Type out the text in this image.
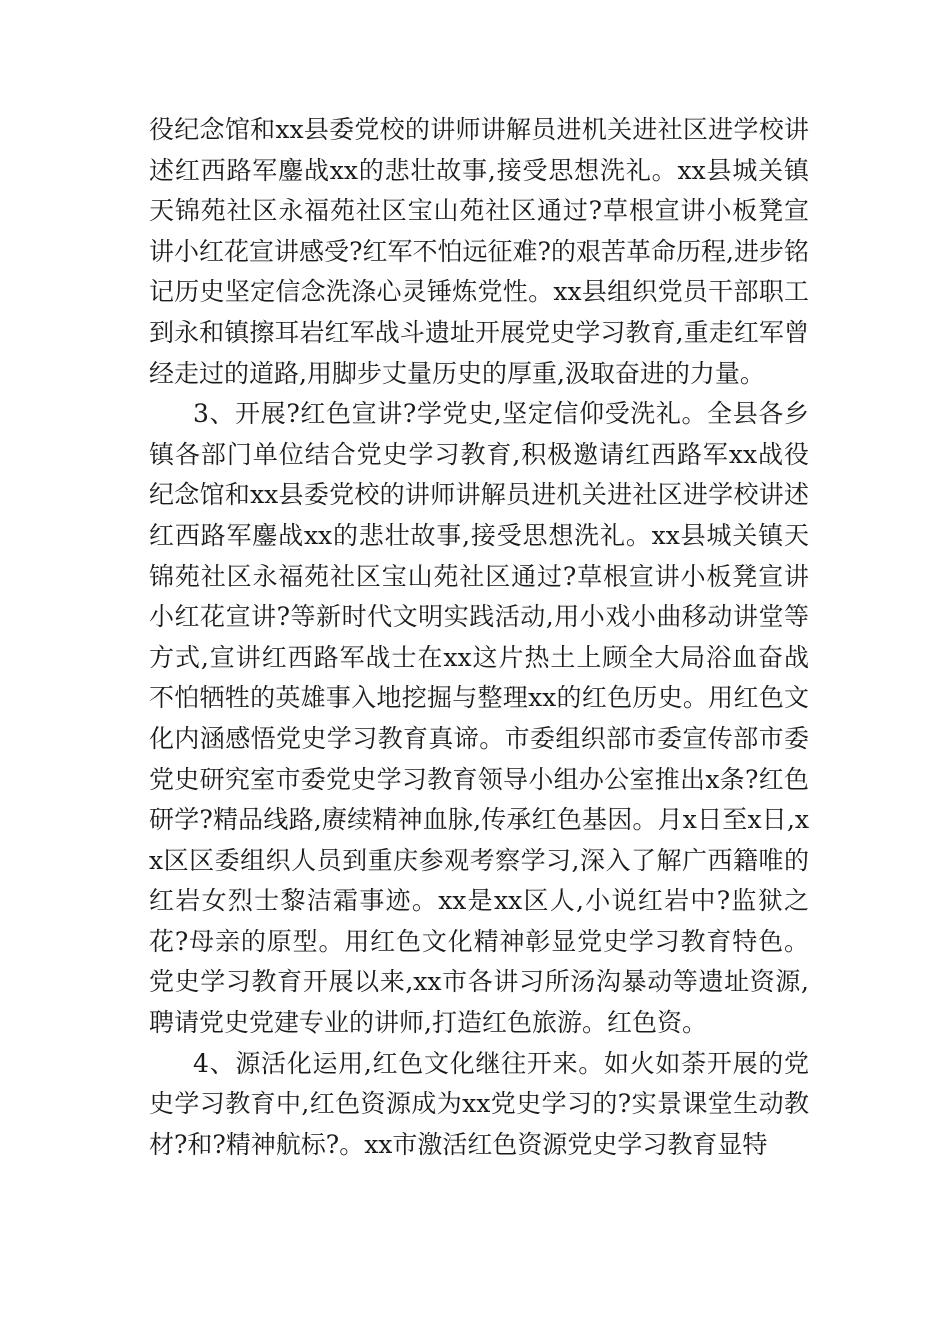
役纪念馆和xx县委党校的讲师讲解员进机关进社区进学校讲述红西路军鏖战xx的悲壮故事,接受思想洗礼。xx县城关镇天锦苑社区永福苑社区宝山苑社区通过?草根宣讲小板凳宣讲小红花宣讲感受?红军不怕远征难?的艰苦革命历程,进步铭记历史坚定信念洗涤心灵锤炼党性。xx县组织党员干部职工到永和镇擦耳岩红军战斗遗址开展党史学习教育,重走红军曾经走过的道路,用脚步丈量历史的厚重,汲取奋进的力量。

3、开展?红色宣讲?学党史,坚定信仰受洗礼。全县各乡镇各部门单位结合党史学习教育,积极邀请红西路军xx战役纪念馆和xx县委党校的讲师讲解员进机关进社区进学校讲述红西路军鏖战xx的悲壮故事,接受思想洗礼。xx县城关镇天锦苑社区永福苑社区宝山苑社区通过?草根宣讲小板凳宣讲小红花宣讲?等新时代文明实践活动,用小戏小曲移动讲堂等方式,宣讲红西路军战士在xx这片热土上顾全大局浴血奋战不怕牺牲的英雄事入地挖掘与整理xx的红色历史。用红色文化内涵感悟党史学习教育真谛。市委组织部市委宣传部市委党史研究室市委党史学习教育领导小组办公室推出x条?红色研学?精品线路,赓续精神血脉,传承红色基因。月x日至x日,xx区区委组织人员到重庆参观考察学习,深入了解广西籍唯的红岩女烈士黎洁霜事迹。xx是xx区人,小说红岩中?监狱之花?母亲的原型。用红色文化精神彰显党史学习教育特色。党史学习教育开展以来,xx市各讲习所汤沟暴动等遗址资源,聘请党史党建专业的讲师,打造红色旅游。红色资。

4、源活化运用,红色文化继往开来。如火如荼开展的党史学习教育中,红色资源成为xx党史学习的?实景课堂生动教材?和?精神航标?。xx市激活红色资源党史学习教育显特
